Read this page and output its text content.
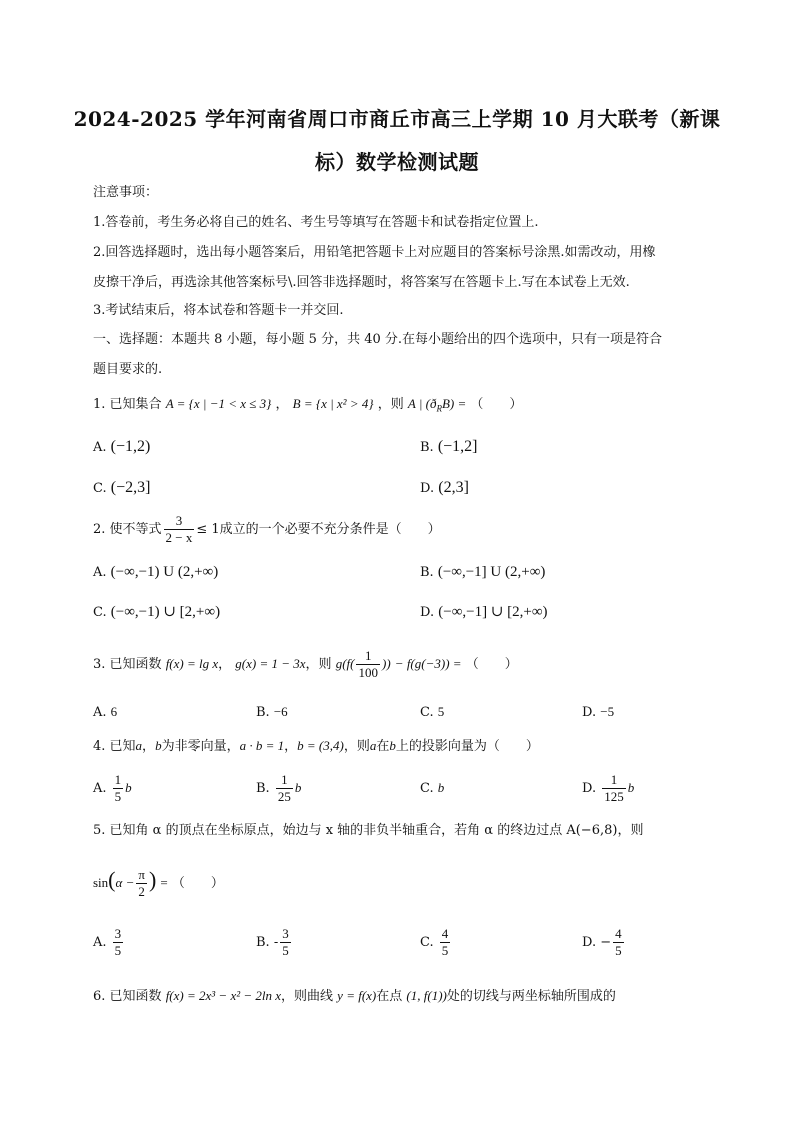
2024-2025 学年河南省周口市商丘市高三上学期 10 月大联考（新课
标）数学检测试题
注意事项：
1.答卷前，考生务必将自己的姓名、考生号等填写在答题卡和试卷指定位置上.
2.回答选择题时，选出每小题答案后，用铅笔把答题卡上对应题目的答案标号涂黑.如需改动，用橡
皮擦干净后，再选涂其他答案标号\.回答非选择题时，将答案写在答题卡上.写在本试卷上无效.
3.考试结束后，将本试卷和答题卡一并交回.
一、选择题：本题共 8 小题，每小题 5 分，共 40 分.在每小题给出的四个选项中，只有一项是符合
题目要求的.
1. 已知集合 A = {x | −1 < x ≤ 3} ， B = {x | x² > 4} ，则 A | $(ð_RB)$ = （　　）
A. (−1,2)	B. (−1,2]
C. (−2,3]	D. (2,3]
2. 使不等式 $\frac{3}{2 - x} \le 1$成立的一个必要不充分条件是（　　）
A. (−∞,−1) U (2,+∞)	B. (−∞,−1] U (2,+∞)
C. (−∞,−1) ∪ [2,+∞)	D. (−∞,−1] ∪ [2,+∞)
3. 已知函数 f(x) = lg x， g(x) = 1 − 3x，则 $g(f( \frac{1}{100}$ )) − f(g(−3)) = （　　）
A. 6	B. −6	C. 5	D. −5
4. 已知a，b为非零向量，a · b = 1，b = (3,4)，则a在b上的投影向量为（　　）
A. $\frac{1}{5}$ b	B. $\frac{1}{25}$ b	C. b	D. $\frac{1}{125}$ b
5. 已知角 α 的顶点在坐标原点，始边与 x 轴的非负半轴重合，若角 α 的终边过点 A(−6,8)，则
$\sin(\alpha - \frac{\pi}{2}$ ) = （　　）
A. $\frac{3}{5}$	B. - $\frac{3}{5}$	C. $\frac{4}{5}$	D. − $\frac{4}{5}$
6. 已知函数 f(x) = 2x³ − x² − 2ln x，则曲线 y = f(x)在点 (1, f(1))处的切线与两坐标轴所围成的
